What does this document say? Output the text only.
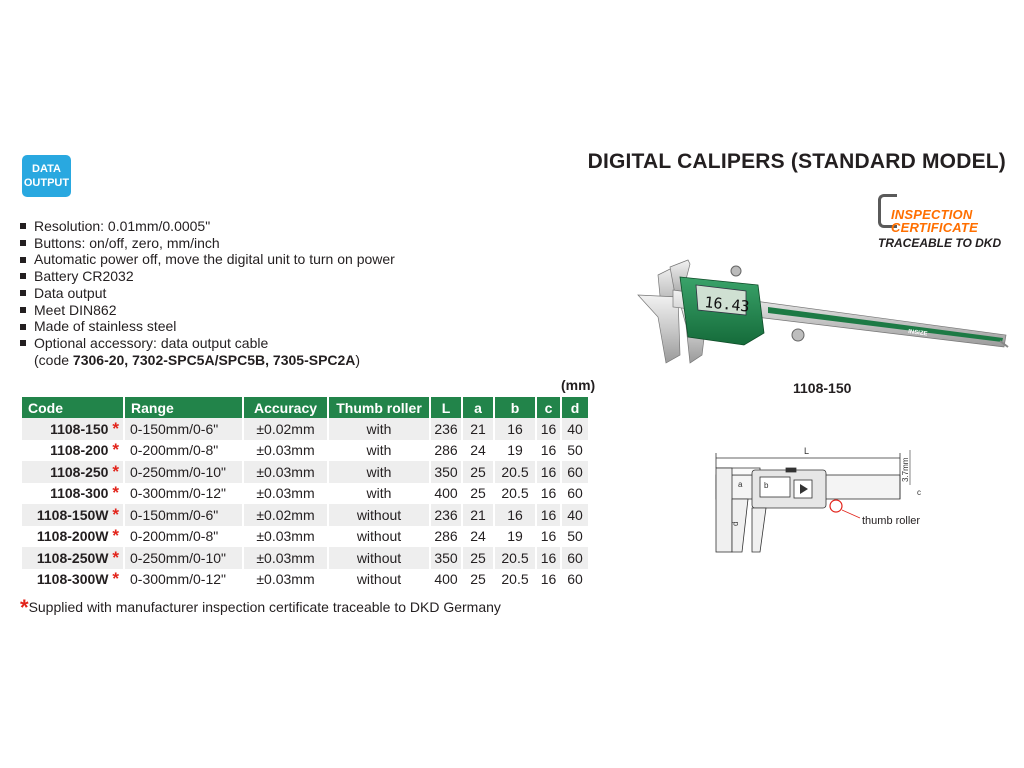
DATA
OUTPUT
DIGITAL CALIPERS (STANDARD MODEL)
INSPECTION
CERTIFICATE
TRACEABLE TO DKD
Resolution: 0.01mm/0.0005"
Buttons: on/off, zero, mm/inch
Automatic power off, move the digital unit to turn on power
Battery CR2032
Data output
Meet DIN862
Made of stainless steel
Optional accessory: data output cable
(code 7306-20, 7302-SPC5A/SPC5B, 7305-SPC2A)
(mm)
Code	Range	Accuracy	Thumb roller	L	a	b	c	d
1108-150 *	0-150mm/0-6"	±0.02mm	with	236	21	16	16	40
1108-200 *	0-200mm/0-8"	±0.03mm	with	286	24	19	16	50
1108-250 *	0-250mm/0-10"	±0.03mm	with	350	25	20.5	16	60
1108-300 *	0-300mm/0-12"	±0.03mm	with	400	25	20.5	16	60
1108-150W *	0-150mm/0-6"	±0.02mm	without	236	21	16	16	40
1108-200W *	0-200mm/0-8"	±0.03mm	without	286	24	19	16	50
1108-250W *	0-250mm/0-10"	±0.03mm	without	350	25	20.5	16	60
1108-300W *	0-300mm/0-12"	±0.03mm	without	400	25	20.5	16	60
*Supplied with manufacturer inspection certificate traceable to DKD Germany
INSIZE
16.43
1108-150
L
3.7mm
c
b
a
d	thumb roller
